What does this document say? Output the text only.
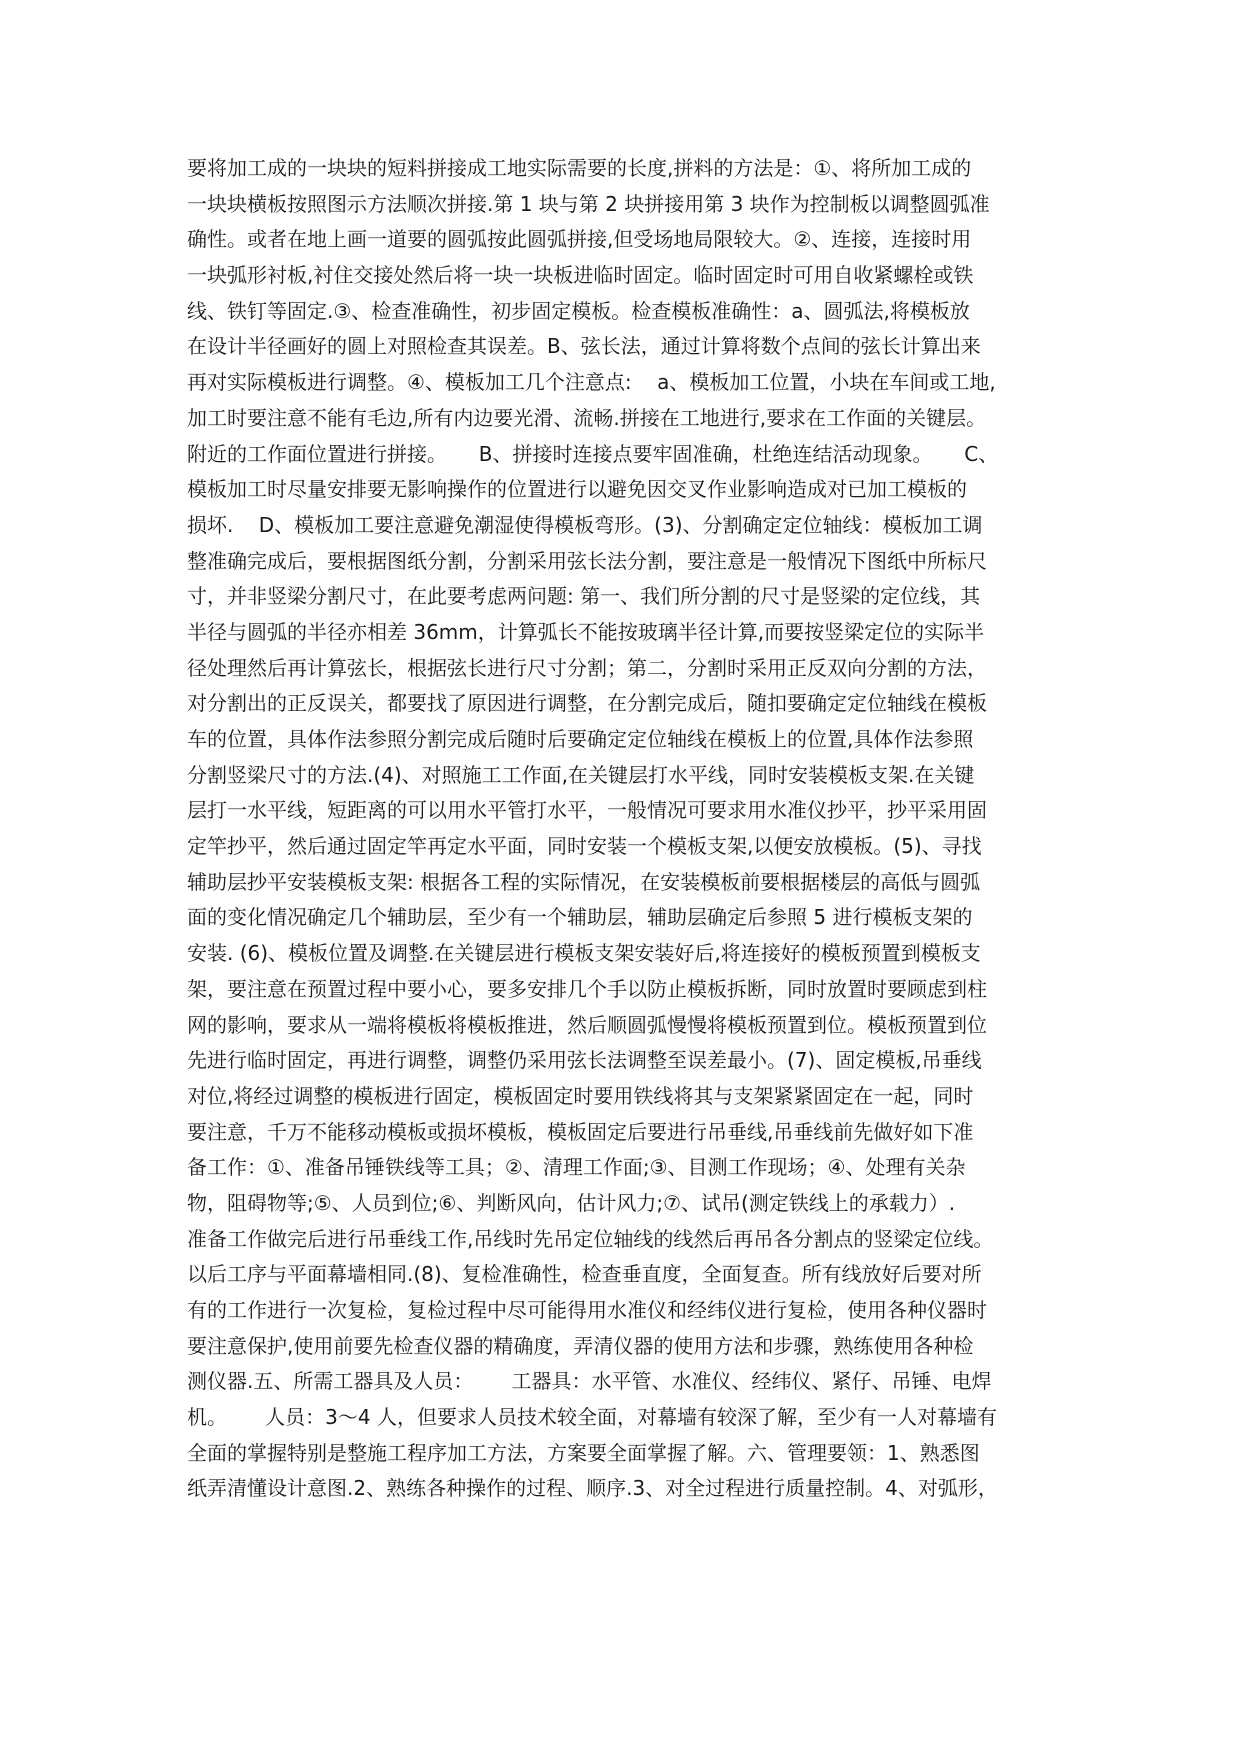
要将加工成的一块块的短料拼接成工地实际需要的长度,拼料的方法是：①、将所加工成的
一块块横板按照图示方法顺次拼接.第 1 块与第 2 块拼接用第 3 块作为控制板以调整圆弧准
确性。或者在地上画一道要的圆弧按此圆弧拼接,但受场地局限较大。②、连接，连接时用
一块弧形衬板,衬住交接处然后将一块一块板进临时固定。临时固定时可用自收紧螺栓或铁
线、铁钉等固定.③、检查准确性，初步固定模板。检查模板准确性：a、圆弧法,将模板放
在设计半径画好的圆上对照检查其误差。B、弦长法，通过计算将数个点间的弦长计算出来
再对实际模板进行调整。④、模板加工几个注意点:    a、模板加工位置，小块在车间或工地,
加工时要注意不能有毛边,所有内边要光滑、流畅.拼接在工地进行,要求在工作面的关键层。
附近的工作面位置进行拼接。     B、拼接时连接点要牢固准确，杜绝连结活动现象。     C、
模板加工时尽量安排要无影响操作的位置进行以避免因交叉作业影响造成对已加工模板的
损坏.    D、模板加工要注意避免潮湿使得模板弯形。(3)、分割确定定位轴线：模板加工调
整准确完成后，要根据图纸分割，分割采用弦长法分割，要注意是一般情况下图纸中所标尺
寸，并非竖梁分割尺寸，在此要考虑两问题: 第一、我们所分割的尺寸是竖梁的定位线，其
半径与圆弧的半径亦相差 36mm，计算弧长不能按玻璃半径计算,而要按竖梁定位的实际半
径处理然后再计算弦长，根据弦长进行尺寸分割；第二，分割时采用正反双向分割的方法，
对分割出的正反误关，都要找了原因进行调整，在分割完成后，随扣要确定定位轴线在模板
车的位置，具体作法参照分割完成后随时后要确定定位轴线在模板上的位置,具体作法参照
分割竖梁尺寸的方法.(4)、对照施工工作面,在关键层打水平线，同时安装模板支架.在关键
层打一水平线，短距离的可以用水平管打水平，一般情况可要求用水准仪抄平，抄平采用固
定竿抄平，然后通过固定竿再定水平面，同时安装一个模板支架,以便安放模板。(5)、寻找
辅助层抄平安装模板支架: 根据各工程的实际情况，在安装模板前要根据楼层的高低与圆弧
面的变化情况确定几个辅助层，至少有一个辅助层，辅助层确定后参照 5 进行模板支架的
安装. (6)、模板位置及调整.在关键层进行模板支架安装好后,将连接好的模板预置到模板支
架，要注意在预置过程中要小心，要多安排几个手以防止模板拆断，同时放置时要顾虑到柱
网的影响，要求从一端将模板将模板推进，然后顺圆弧慢慢将模板预置到位。模板预置到位
先进行临时固定，再进行调整，调整仍采用弦长法调整至误差最小。(7)、固定模板,吊垂线
对位,将经过调整的模板进行固定，模板固定时要用铁线将其与支架紧紧固定在一起，同时
要注意，千万不能移动模板或损坏模板，模板固定后要进行吊垂线,吊垂线前先做好如下准
备工作：①、准备吊锤铁线等工具；②、清理工作面;③、目测工作现场；④、处理有关杂
物，阻碍物等;⑤、人员到位;⑥、判断风向，估计风力;⑦、试吊(测定铁线上的承载力）.
准备工作做完后进行吊垂线工作,吊线时先吊定位轴线的线然后再吊各分割点的竖梁定位线。
以后工序与平面幕墙相同.(8)、复检准确性，检查垂直度，全面复查。所有线放好后要对所
有的工作进行一次复检，复检过程中尽可能得用水准仪和经纬仪进行复检，使用各种仪器时
要注意保护,使用前要先检查仪器的精确度，弄清仪器的使用方法和步骤，熟练使用各种检
测仪器.五、所需工器具及人员：      工器具：水平管、水准仪、经纬仪、紧仔、吊锤、电焊
机。      人员：3～4 人，但要求人员技术较全面，对幕墙有较深了解，至少有一人对幕墙有
全面的掌握特别是整施工程序加工方法，方案要全面掌握了解。六、管理要领：1、熟悉图
纸弄清懂设计意图.2、熟练各种操作的过程、顺序.3、对全过程进行质量控制。4、对弧形，
